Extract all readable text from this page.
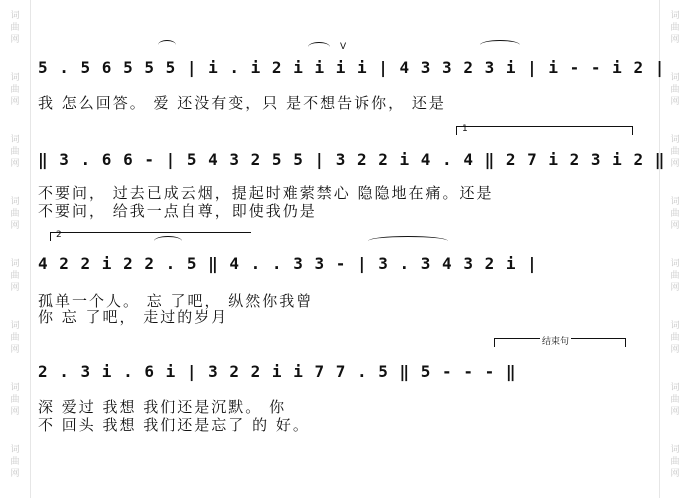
词
曲
网
词
曲
网
词
曲
网
词
曲
网
词
曲
网
词
曲
网
词
曲
网
词
曲
网
词
曲
网
词
曲
网
词
曲
网
词
曲
网
词
曲
网
词
曲
网
词
曲
网
词
曲
网
5 . 5 6 5 5 5 | i . i 2 i i i i | 4 3 3 2 3 i | i - - i 2 |
我 怎么回答。 爱 还没有变，只 是不想告诉你， 还是
V
‖ 3 . 6 6 - | 5 4 3 2 5 5 | 3 2 2 i 4 . 4 ‖ 2 7 i 2 3 i 2 ‖
不要问， 过去已成云烟，提起时难萦禁心 隐隐地在痛。还是
不要问， 给我一点自尊，即使我仍是
1
4 2 2 i 2 2 . 5 ‖ 4 . . 3 3 - | 3 . 3 4 3 2 i |
孤单一个人。 忘 了吧， 纵然你我曾
你 忘 了吧， 走过的岁月
2
2 . 3 i . 6 i | 3 2 2 i i 7 7 . 5 ‖ 5 - - - ‖
深 爱过 我想 我们还是沉默。 你
不 回头 我想 我们还是忘了 的 好。
结束句
